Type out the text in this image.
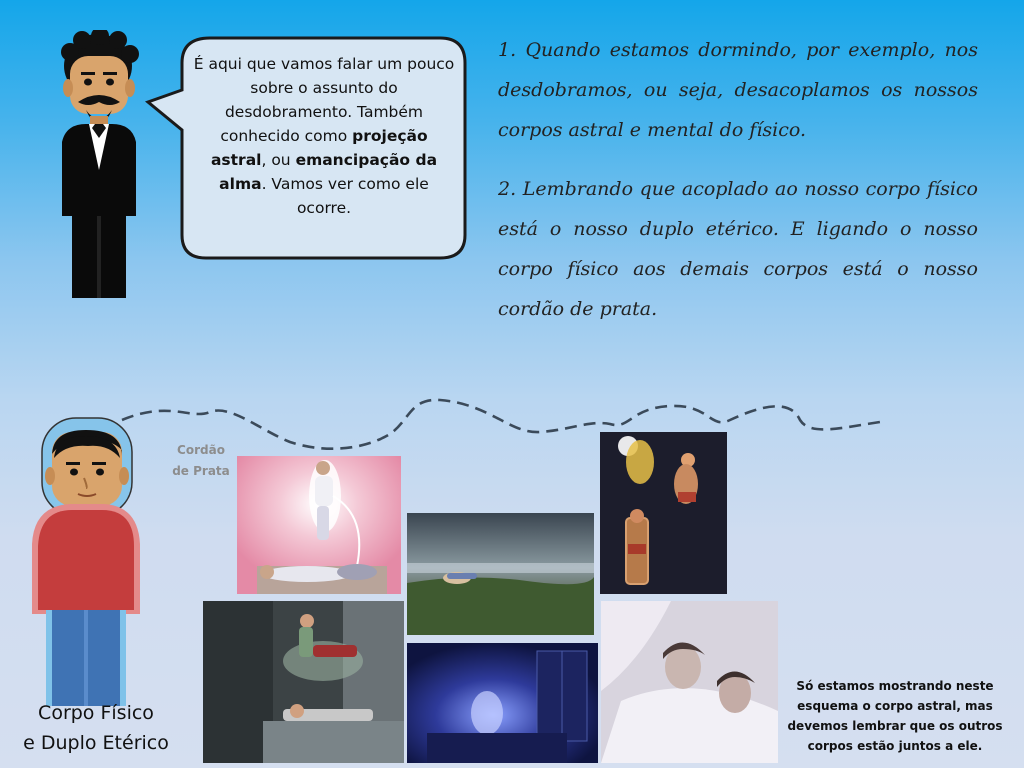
É aqui que vamos falar um pouco sobre o assunto do desdobramento. Também conhecido como projeção astral, ou emancipação da alma. Vamos ver como ele ocorre.
1. Quando estamos dormindo, por exemplo, nos desdobramos, ou seja, desacoplamos os nossos corpos astral e mental do físico.
2. Lembrando que acoplado ao nosso corpo físico está o nosso duplo etérico. E ligando o nosso corpo físico aos demais corpos está o nosso cordão de prata.
Cordão de Prata
Corpo Físico
e Duplo Etérico
Só estamos mostrando neste esquema o corpo astral, mas devemos lembrar que os outros corpos estão juntos a ele.
